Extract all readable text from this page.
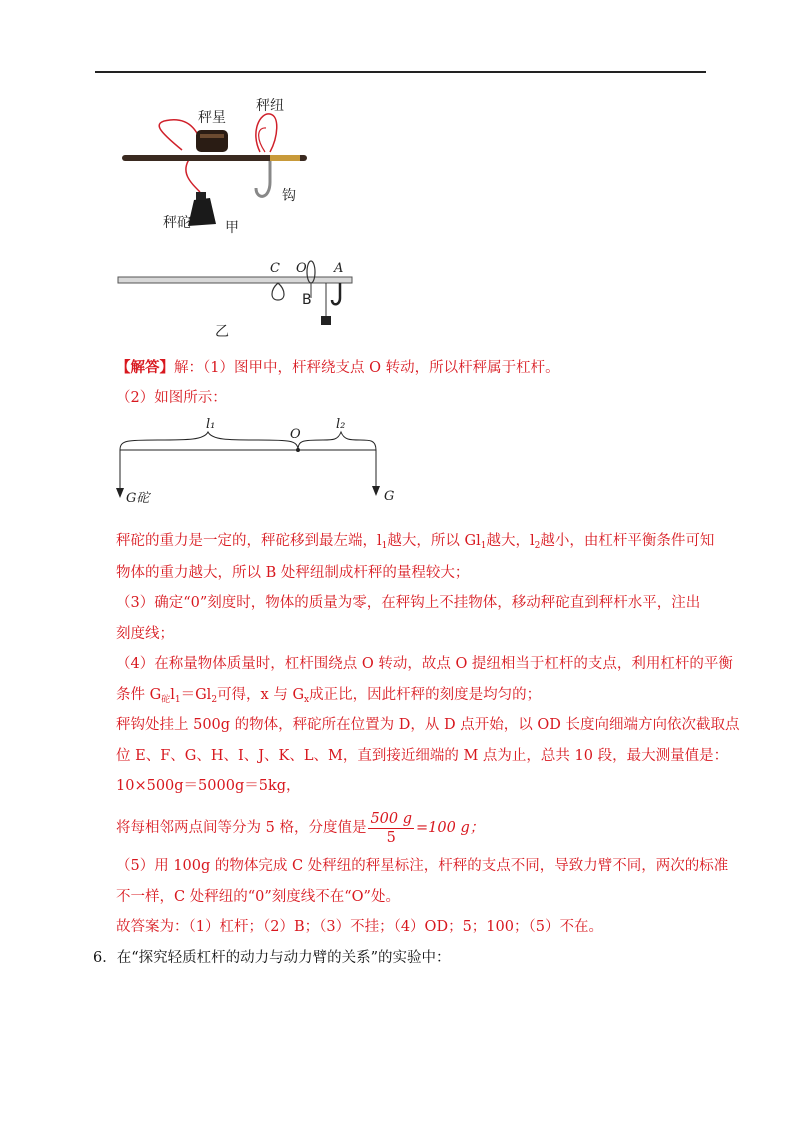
秤星
秤纽
钩
秤砣 甲
C O A
B
乙
【解答】解：（1）图甲中，杆秤绕支点 O 转动，所以杆秤属于杠杆。
（2）如图所示：
l₁
O
l₂
G砣	G
秤砣的重力是一定的，秤砣移到最左端，$l_1$越大，所以 $Gl_1$越大，$l_2$越小，由杠杆平衡条件可知
物体的重力越大，所以 B 处秤纽制成杆秤的量程较大；
（3）确定“0”刻度时，物体的质量为零，在秤钩上不挂物体，移动秤砣直到秤杆水平，注出
刻度线；
（4）在称量物体质量时，杠杆围绕点 O 转动，故点 O 提纽相当于杠杆的支点，利用杠杆的平衡
条件 $G_砣l_1=Gl_2$可得，x 与 $G_x$成正比，因此杆秤的刻度是均匀的；
秤钩处挂上 500g 的物体，秤砣所在位置为 D，从 D 点开始，以 OD 长度向细端方向依次截取点
位 E、F、G、H、I、J、K、L、M，直到接近细端的 M 点为止，总共 10 段，最大测量值是：
10×500g＝5000g＝5kg，
将每相邻两点间等分为 5 格，分度值是 $\frac{500 g}{5} =100$ g；
（5）用 100g 的物体完成 C 处秤纽的秤星标注，杆秤的支点不同，导致力臂不同，两次的标准
不一样，C 处秤纽的“0”刻度线不在“O”处。
故答案为：（1）杠杆；（2）B；（3）不挂；（4）OD；5；100；（5）不在。
6．在“探究轻质杠杆的动力与动力臂的关系”的实验中：
